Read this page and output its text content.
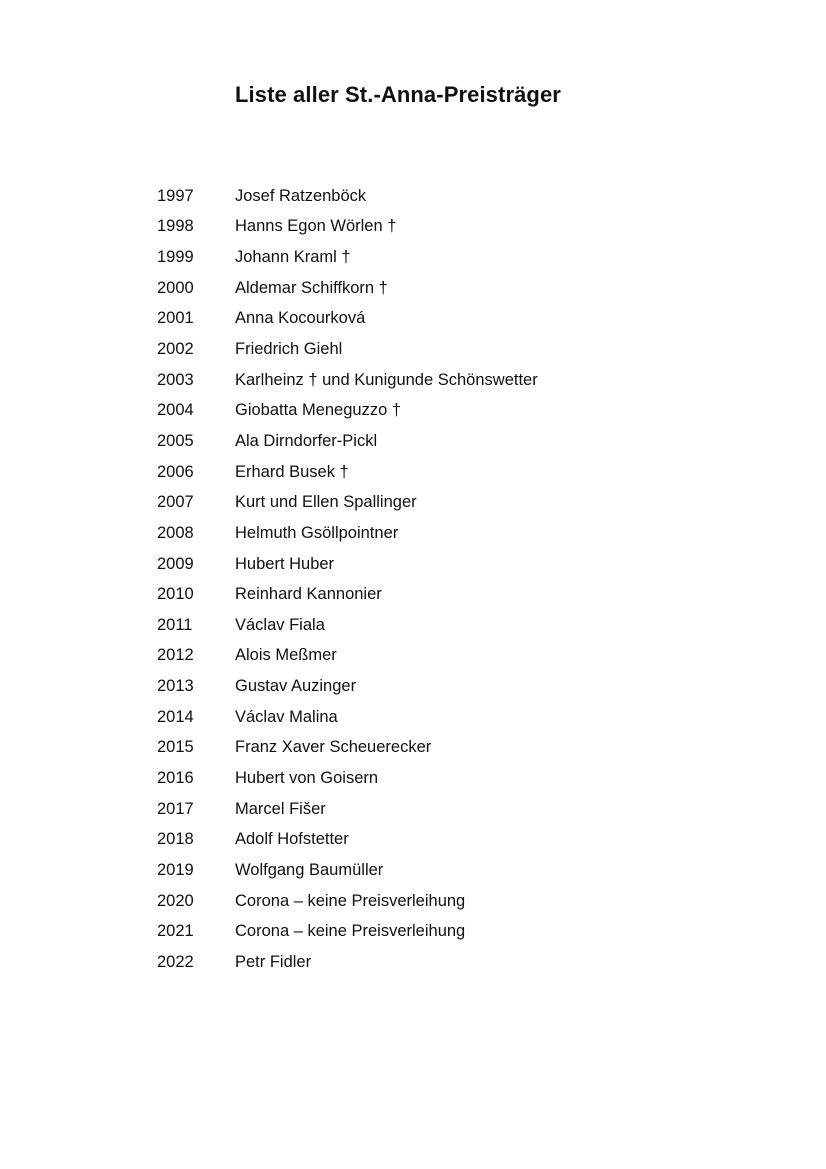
Liste aller St.-Anna-Preisträger
1997	Josef Ratzenböck
1998	Hanns Egon Wörlen †
1999	Johann Kraml †
2000	Aldemar Schiffkorn †
2001	Anna Kocourková
2002	Friedrich Giehl
2003	Karlheinz † und Kunigunde Schönswetter
2004	Giobatta Meneguzzo †
2005	Ala Dirndorfer-Pickl
2006	Erhard Busek †
2007	Kurt und Ellen Spallinger
2008	Helmuth Gsöllpointner
2009	Hubert Huber
2010	Reinhard Kannonier
2011	Václav Fiala
2012	Alois Meßmer
2013	Gustav Auzinger
2014	Václav Malina
2015	Franz Xaver Scheuerecker
2016	Hubert von Goisern
2017	Marcel Fišer
2018	Adolf Hofstetter
2019	Wolfgang Baumüller
2020	Corona – keine Preisverleihung
2021	Corona – keine Preisverleihung
2022	Petr Fidler
